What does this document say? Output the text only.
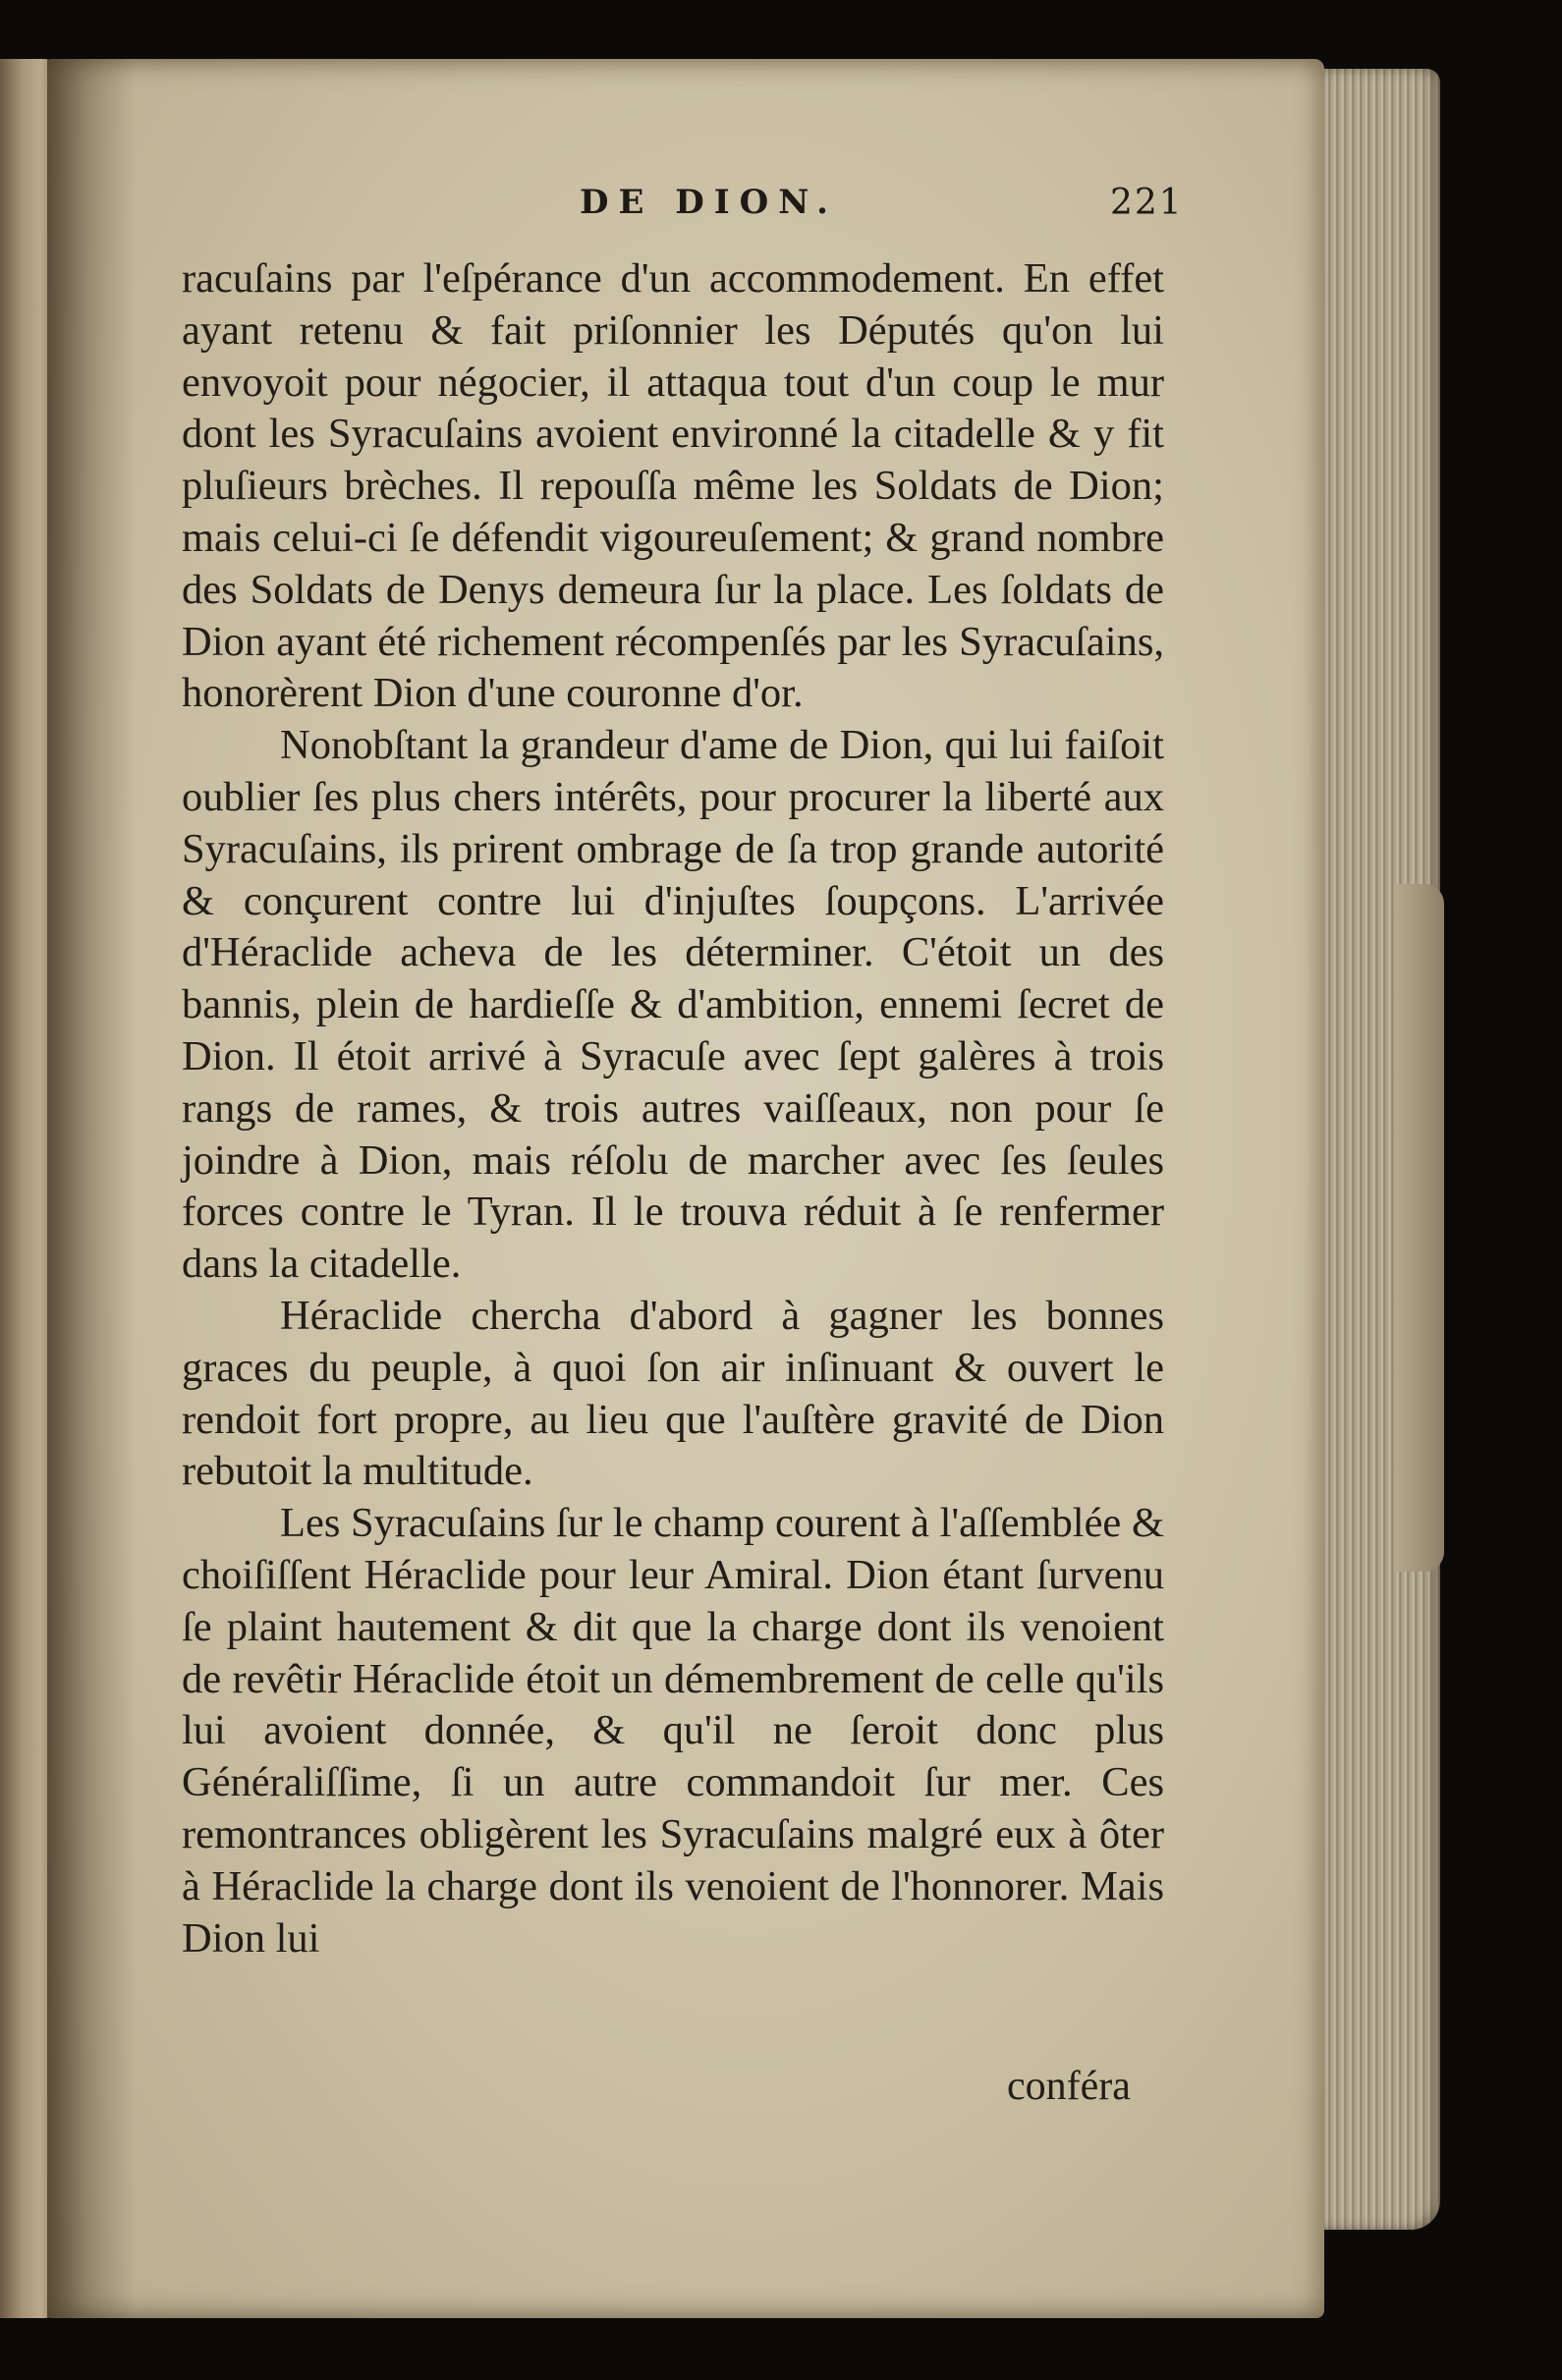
DE DION.	221

racuſains par l'eſpérance d'un accommodement. En effet ayant retenu & fait priſonnier les Députés qu'on lui envoyoit pour négocier, il attaqua tout d'un coup le mur dont les Syracuſains avoient environné la citadelle & y fit pluſieurs brèches. Il repouſſa même les Soldats de Dion; mais celui-ci ſe défendit vigoureuſement; & grand nombre des Soldats de Denys demeura ſur la place. Les ſoldats de Dion ayant été richement récompenſés par les Syracuſains, honorèrent Dion d'une couronne d'or.

Nonobſtant la grandeur d'ame de Dion, qui lui faiſoit oublier ſes plus chers intérêts, pour procurer la liberté aux Syracuſains, ils prirent ombrage de ſa trop grande autorité & conçurent contre lui d'injuſtes ſoupçons. L'arrivée d'Héraclide acheva de les déterminer. C'étoit un des bannis, plein de hardieſſe & d'ambition, ennemi ſecret de Dion. Il étoit arrivé à Syracuſe avec ſept galères à trois rangs de rames, & trois autres vaiſſeaux, non pour ſe joindre à Dion, mais réſolu de marcher avec ſes ſeules forces contre le Tyran. Il le trouva réduit à ſe renfermer dans la citadelle.

Héraclide chercha d'abord à gagner les bonnes graces du peuple, à quoi ſon air inſinuant & ouvert le rendoit fort propre, au lieu que l'auſtère gravité de Dion rebutoit la multitude.

Les Syracuſains ſur le champ courent à l'aſſemblée & choiſiſſent Héraclide pour leur Amiral. Dion étant ſurvenu ſe plaint hautement & dit que la charge dont ils venoient de revêtir Héraclide étoit un démembrement de celle qu'ils lui avoient donnée, & qu'il ne ſeroit donc plus Généraliſſime, ſi un autre commandoit ſur mer. Ces remontrances obligèrent les Syracuſains malgré eux à ôter à Héraclide la charge dont ils venoient de l'honnorer. Mais Dion lui

conféra
